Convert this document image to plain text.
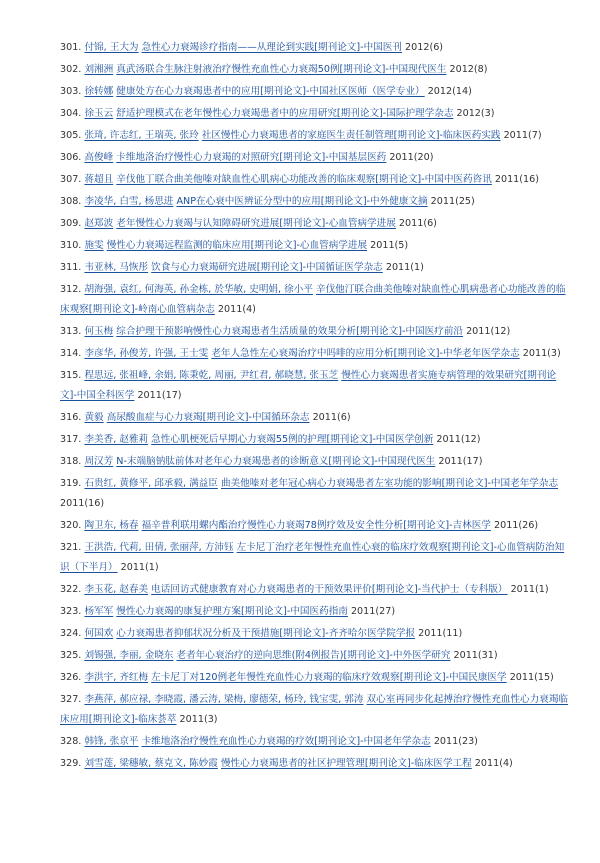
301. 付锦, 王大为 急性心力衰竭诊疗指南——从理论到实践[期刊论文]-中国医刊 2012(6)
302. 刘湘洲 真武汤联合生脉注射液治疗慢性充血性心力衰竭50例[期刊论文]-中国现代医生 2012(8)
303. 徐转娜 健康处方在心力衰竭患者中的应用[期刊论文]-中国社区医师（医学专业） 2012(14)
304. 徐玉云 舒适护理模式在老年慢性心力衰竭患者中的应用研究[期刊论文]-国际护理学杂志 2012(3)
305. 张琦, 许志红, 王瑞英, 张玲 社区慢性心力衰竭患者的家庭医生责任制管理[期刊论文]-临床医药实践 2011(7)
306. 高俊峰 卡维地洛治疗慢性心力衰竭的对照研究[期刊论文]-中国基层医药 2011(20)
307. 蒋超且 辛伐他丁联合曲美他嗪对缺血性心肌病心功能改善的临床观察[期刊论文]-中国中医药咨讯 2011(16)
308. 李凌华, 白雪, 杨思进 ANP在心衰中医辨证分型中的应用[期刊论文]-中外健康文摘 2011(25)
309. 赵郑波 老年慢性心力衰竭与认知障碍研究进展[期刊论文]-心血管病学进展 2011(6)
310. 施雯 慢性心力衰竭远程监测的临床应用[期刊论文]-心血管病学进展 2011(5)
311. 韦亚林, 马恢彤 饮食与心力衰竭研究进展[期刊论文]-中国循证医学杂志 2011(1)
312. 胡海强, 袁红, 何海英, 孙金栋, 於华敏, 史明娟, 徐小平 辛伐他汀联合曲美他嗪对缺血性心肌病患者心功能改善的临床观察[期刊论文]-岭南心血管病杂志 2011(4)
313. 何玉梅 综合护理干预影响慢性心力衰竭患者生活质量的效果分析[期刊论文]-中国医疗前沿 2011(12)
314. 李彦华, 孙俊芳, 许强, 王士雯 老年人急性左心衰竭治疗中吗啡的应用分析[期刊论文]-中华老年医学杂志 2011(3)
315. 程思远, 张祖峰, 余娟, 陈秉乾, 周丽, 尹红君, 郝晓慧, 张玉芝 慢性心力衰竭患者实施专病管理的效果研究[期刊论文]-中国全科医学 2011(17)
316. 黄毅 高尿酸血症与心力衰竭[期刊论文]-中国循环杂志 2011(6)
317. 李美香, 赵雅莉 急性心肌梗死后早期心力衰竭55例的护理[期刊论文]-中国医学创新 2011(12)
318. 周汉芳 N-末端脑钠肽前体对老年心力衰竭患者的诊断意义[期刊论文]-中国现代医生 2011(17)
319. 石贵红, 黄修平, 邱承毅, 满益臣 曲美他嗪对老年冠心病心力衰竭患者左室功能的影响[期刊论文]-中国老年学杂志 2011(16)
320. 陶卫东, 杨春 福辛普利联用螺内酯治疗慢性心力衰竭78例疗效及安全性分析[期刊论文]-吉林医学 2011(26)
321. 王洪浩, 代莉, 田倩, 张丽萍, 方沛钰 左卡尼丁治疗老年慢性充血性心衰的临床疗效观察[期刊论文]-心血管病防治知识（下半月） 2011(1)
322. 李玉花, 赵春美 电话回访式健康教育对心力衰竭患者的干预效果评价[期刊论文]-当代护士（专科版） 2011(1)
323. 杨军军 慢性心力衰竭的康复护理方案[期刊论文]-中国医药指南 2011(27)
324. 何国欢 心力衰竭患者抑郁状况分析及干预措施[期刊论文]-齐齐哈尔医学院学报 2011(11)
325. 刘锡强, 李丽, 金晓东 老者年心衰治疗的逆向思维(附4例报告)[期刊论文]-中外医学研究 2011(31)
326. 李洪宇, 齐红梅 左卡尼丁对120例老年慢性充血性心力衰竭的临床疗效观察[期刊论文]-中国民康医学 2011(15)
327. 李燕萍, 郝应禄, 李晓霞, 潘云涛, 梁梅, 廖德荣, 杨玲, 钱宝雯, 郭涛 双心室再同步化起搏治疗慢性充血性心力衰竭临床应用[期刊论文]-临床荟萃 2011(3)
328. 韩锋, 张京平 卡维地洛治疗慢性充血性心力衰竭的疗效[期刊论文]-中国老年学杂志 2011(23)
329. 刘雪莲, 梁穗敏, 蔡克文, 陈妙霞 慢性心力衰竭患者的社区护理管理[期刊论文]-临床医学工程 2011(4)
